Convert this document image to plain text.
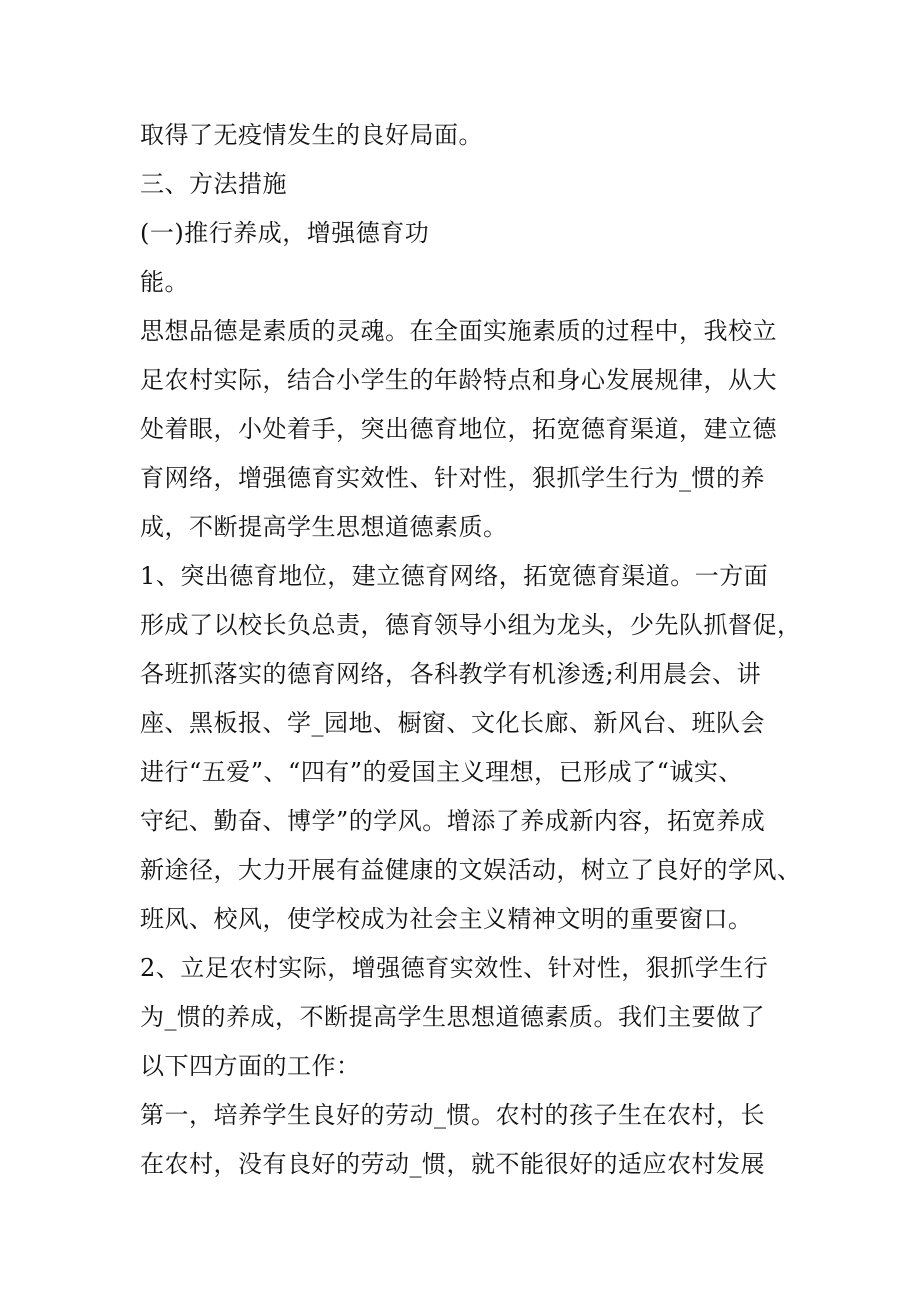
取得了无疫情发生的良好局面。
三、方法措施
(一)推行养成，增强德育功
能。
思想品德是素质的灵魂。在全面实施素质的过程中，我校立
足农村实际，结合小学生的年龄特点和身心发展规律，从大
处着眼，小处着手，突出德育地位，拓宽德育渠道，建立德
育网络，增强德育实效性、针对性，狠抓学生行为_惯的养
成，不断提高学生思想道德素质。
1、突出德育地位，建立德育网络，拓宽德育渠道。一方面
形成了以校长负总责，德育领导小组为龙头，少先队抓督促，
各班抓落实的德育网络，各科教学有机渗透;利用晨会、讲
座、黑板报、学_园地、橱窗、文化长廊、新风台、班队会
进行“五爱”、“四有”的爱国主义理想，已形成了“诚实、
守纪、勤奋、博学”的学风。增添了养成新内容，拓宽养成
新途径，大力开展有益健康的文娱活动，树立了良好的学风、
班风、校风，使学校成为社会主义精神文明的重要窗口。
2、立足农村实际，增强德育实效性、针对性，狠抓学生行
为_惯的养成，不断提高学生思想道德素质。我们主要做了
以下四方面的工作：
第一，培养学生良好的劳动_惯。农村的孩子生在农村，长
在农村，没有良好的劳动_惯，就不能很好的适应农村发展
